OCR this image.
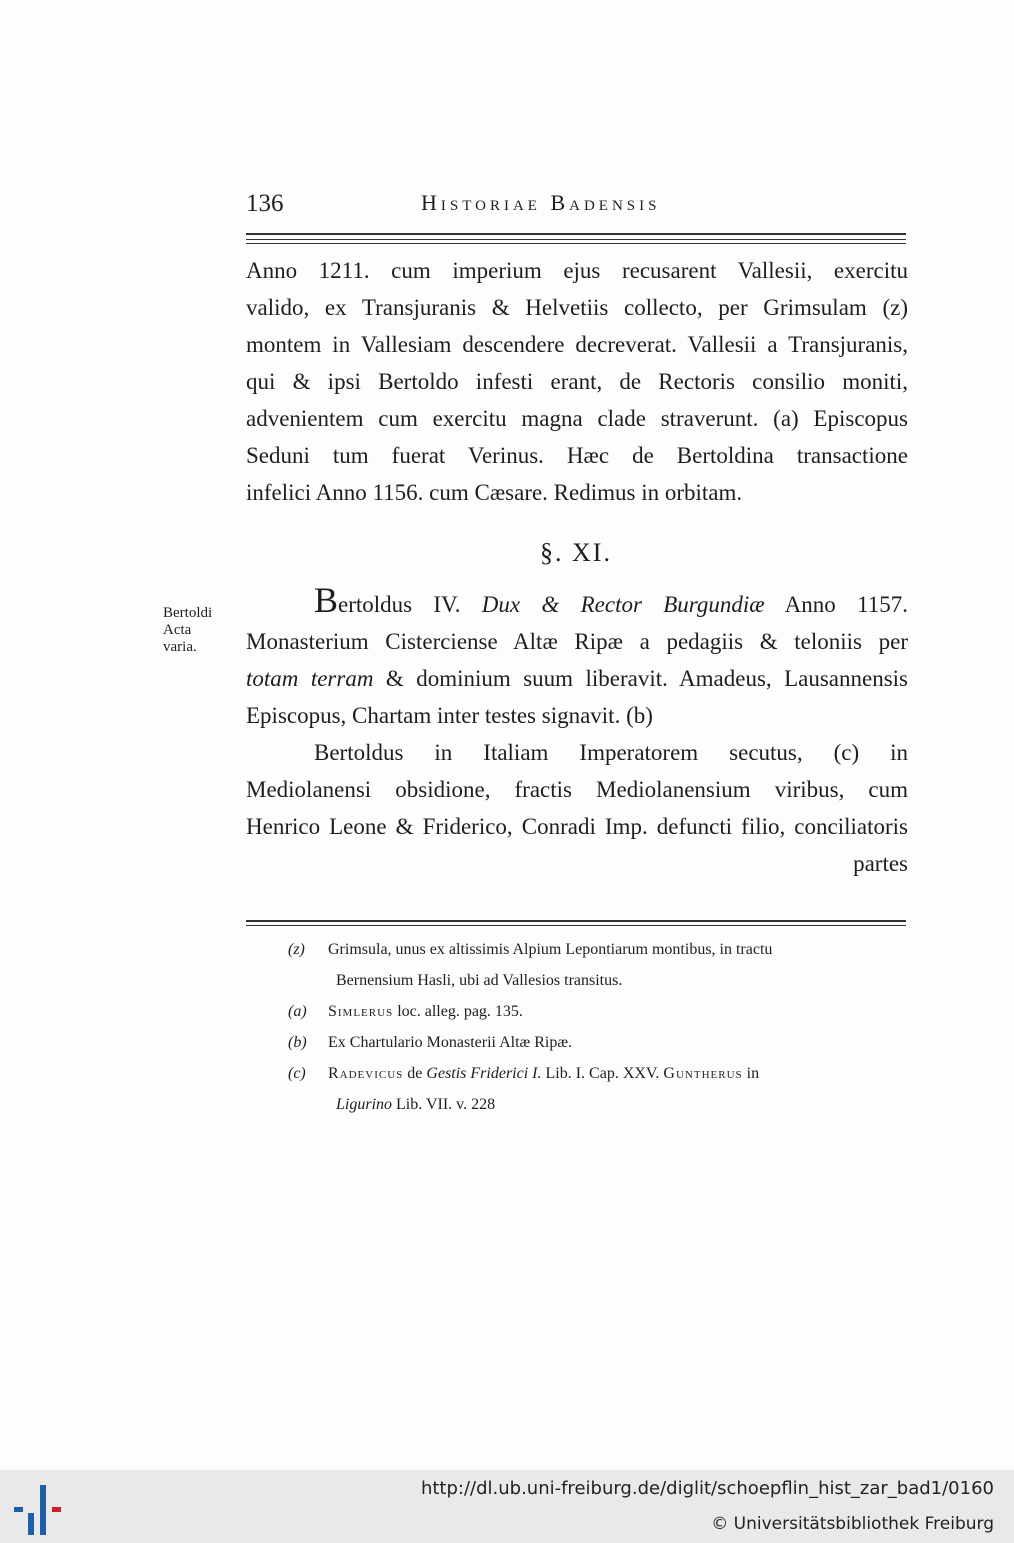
136	Historiae Badensis
Anno 1211. cum imperium ejus recusarent Vallesii, exercitu
valido, ex Transjuranis & Helvetiis collecto, per Grimsulam (z)
montem in Vallesiam descendere decreverat. Vallesii a Transjuranis,
qui & ipsi Bertoldo infesti erant, de Rectoris consilio moniti,
advenientem cum exercitu magna clade straverunt. (a) Episcopus
Seduni tum fuerat Verinus. Hæc de Bertoldina transactione
infelici Anno 1156. cum Cæsare. Redimus in orbitam.
§. XI.
Bertoldi
Acta
varia.
Bertoldus IV. Dux & Rector Burgundiæ Anno 1157.
Monasterium Cisterciense Altæ Ripæ a pedagiis & teloniis per
totam terram & dominium suum liberavit. Amadeus, Lausannensis
Episcopus, Chartam inter testes signavit. (b)
Bertoldus in Italiam Imperatorem secutus, (c) in
Mediolanensi obsidione, fractis Mediolanensium viribus, cum
Henrico Leone & Friderico, Conradi Imp. defuncti filio, conciliatoris
partes
(z) Grimsula, unus ex altissimis Alpium Lepontiarum montibus, in tractu
Bernensium Hasli, ubi ad Vallesios transitus.
(a) Simlerus loc. alleg. pag. 135.
(b) Ex Chartulario Monasterii Altæ Ripæ.
(c) Radevicus de Gestis Friderici I. Lib. I. Cap. XXV. Guntherus in
Ligurino Lib. VII. v. 228
http://dl.ub.uni-freiburg.de/diglit/schoepflin_hist_zar_bad1/0160
© Universitätsbibliothek Freiburg
